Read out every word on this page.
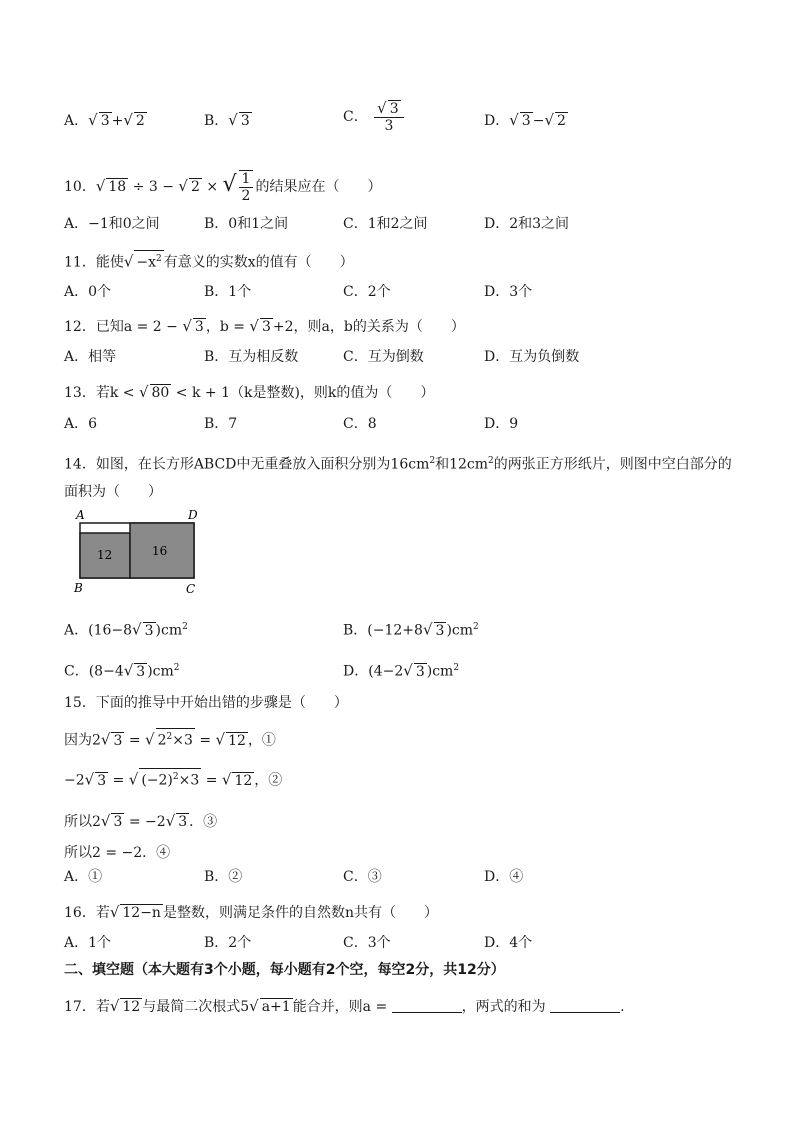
A．√ 3 +√ 2	B．√ 3	C． $\frac{√ 3}{3}$	D．√ 3 −√ 2
10．√ 18 ÷ 3 − √ 2 × √ $\frac{1}{2}$ 的结果应在（　　）
A．−1和0之间	B．0和1之间	C．1和2之间	D．2和3之间
11．能使√ $-x^2$ 有意义的实数x的值有（　　）
A．0个	B．1个	C．2个	D．3个
12．已知a = 2 − √ 3 ，b = √ 3 +2，则a，b的关系为（　　）
A．相等	B．互为相反数	C．互为倒数	D．互为负倒数
13．若k < √ 80 < k + 1（k是整数)，则k的值为（　　）
A．6	B．7	C．8	D．9
14．如图，在长方形ABCD中无重叠放入面积分别为$16cm^2$和$12cm^2$的两张正方形纸片，则图中空白部分的
面积为（　　）
A	D
B	C
12	16
A．(16−8√ 3 )$cm^2$	B．(−12+8√ 3 )$cm^2$
C．(8−4√ 3 )$cm^2$	D．(4−2√ 3 )$cm^2$
15．下面的推导中开始出错的步骤是（　　）
因为2√ 3 = √ $2^2\times 3$ = √ 12 ，①
−2√ 3 = √ $(-2)^2\times 3$ = √ 12 ，②
所以2√ 3 = −2√ 3 ．③
所以2 = −2．④
A．①	B．②	C．③	D．④
16．若√ 12−n 是整数，则满足条件的自然数n共有（　　）
A．1个	B．2个	C．3个	D．4个
二、填空题（本大题有3个小题，每小题有2个空，每空2分，共12分）
17．若√ 12 与最简二次根式5√ a+1 能合并，则a =	，两式的和为	.
